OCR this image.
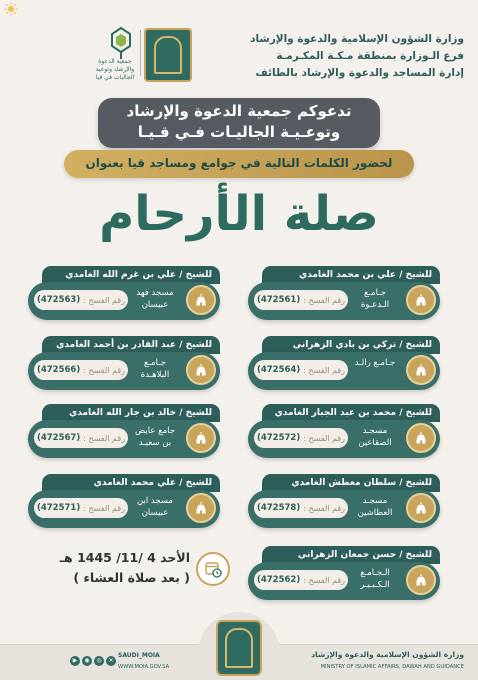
وزارة الشؤون الإسلامية والدعوة والإرشاد
فرع الـوزارة بمنطقة مـكـة المكـرمـة
إدارة المساجد والدعوة والإرشاد بالطائف
جمعية الدعوة والإرشاد وتوعية الجاليات في قيا
تدعوكم جمعية الدعوة والإرشاد
وتوعـيـة الجاليـات فـي قـيـا
لحضور الكلمات التالية في جوامع ومساجد قيا بعنوان
صلة الأرحام
للشيخ / علي بن محمد الغامدي
جـامـع الـدعـوة
رقم الفسح :
(472561)
للشيخ / علي بن غرم الله الغامدي
مسجد فهد عبيسان
رقم الفسح :
(472563)
للشيخ / تركي بن بادي الزهراني
جـامـع رالـد
رقم الفسح :
(472564)
للشيخ / عبد القادر بن أحمد الغامدي
جـامـع البلاهـدة
رقم الفسح :
(472566)
للشيخ / محمد بن عبد الجبار الغامدي
مسجـد الصقاعين
رقم الفسح :
(472572)
للشيخ / خالد بن جار الله الغامدي
جامع عايض بن سعيـد
رقم الفسح :
(472567)
للشيخ / سلطان معطش الغامدي
مسجـد العطاشين
رقم الفسح :
(472578)
للشيخ / علي محمد الغامدي
مسجد ابن عبيسان
رقم الفسح :
(472571)
للشيخ / حسن جمعان الزهراني
الـجـامـع الـكـبـيـر
رقم الفسح :
(472562)
الأحد 4 /11/ 1445 هـ
( بعد صلاة العشاء )
وزارة الشؤون الإسلامية والدعوة والإرشاد
MINISTRY OF ISLAMIC AFFAIRS, DAWAH AND GUIDANCE
SAUDI_MOIA
WWW.MOIA.GOV.SA
▶	◉	◎	✕
